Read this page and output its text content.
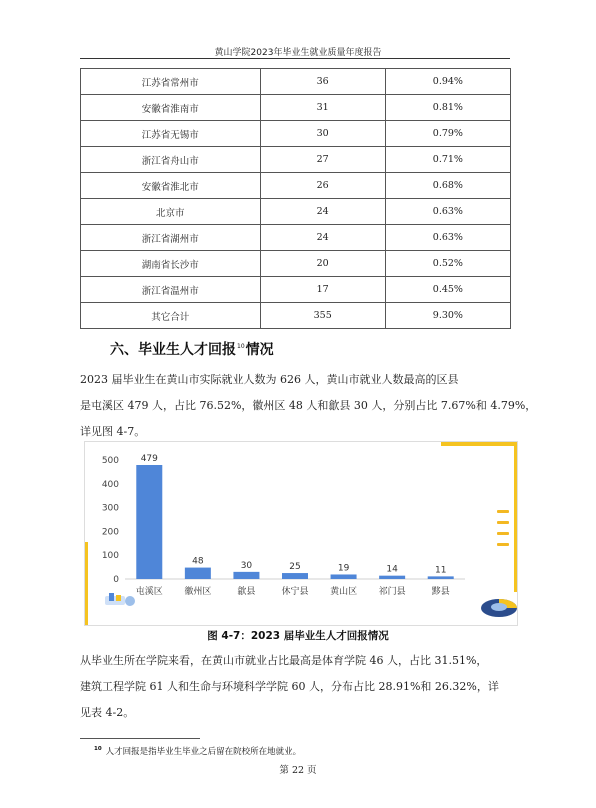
黄山学院2023年毕业生就业质量年度报告
江苏省常州市	36	0.94%
安徽省淮南市	31	0.81%
江苏省无锡市	30	0.79%
浙江省舟山市	27	0.71%
安徽省淮北市	26	0.68%
北京市	24	0.63%
浙江省湖州市	24	0.63%
湖南省长沙市	20	0.52%
浙江省温州市	17	0.45%
其它合计	355	9.30%
六、毕业生人才回报$^{10}$情况
2023 届毕业生在黄山市实际就业人数为 626 人，黄山市就业人数最高的区县
是屯溪区 479 人，占比 76.52%，徽州区 48 人和歙县 30 人，分别占比 7.67%和 4.79%，
详见图 4-7。
0
100
200
300
400
500 479
屯溪区
48
徽州区
30
歙县
25
休宁县
19
黄山区
14
祁门县
11
黟县
图 4-7：2023 届毕业生人才回报情况
从毕业生所在学院来看，在黄山市就业占比最高是体育学院 46 人，占比 31.51%，
建筑工程学院 61 人和生命与环境科学学院 60 人，分布占比 28.91%和 26.32%，详
见表 4-2。
$^{10}$ 人才回报是指毕业生毕业之后留在院校所在地就业。
第 22 页
